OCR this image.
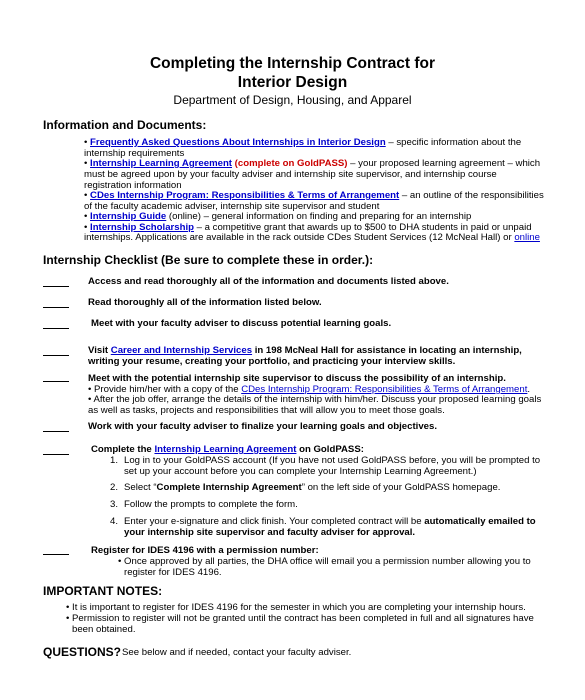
Completing the Internship Contract for
Interior Design
Department of Design, Housing, and Apparel
Information and Documents:
• Frequently Asked Questions About Internships in Interior Design – specific information about the
internship requirements
• Internship Learning Agreement (complete on GoldPASS) – your proposed learning agreement – which
must be agreed upon by your faculty adviser and internship site supervisor, and internship course
registration information
• CDes Internship Program: Responsibilities & Terms of Arrangement – an outline of the responsibilities
of the faculty academic adviser, internship site supervisor and student
• Internship Guide (online) – general information on finding and preparing for an internship
• Internship Scholarship – a competitive grant that awards up to $500 to DHA students in paid or unpaid
internships. Applications are available in the rack outside CDes Student Services (12 McNeal Hall) or online
Internship Checklist (Be sure to complete these in order.):
Access and read thoroughly all of the information and documents listed above.
Read thoroughly all of the information listed below.
Meet with your faculty adviser to discuss potential learning goals.
Visit Career and Internship Services in 198 McNeal Hall for assistance in locating an internship,
writing your resume, creating your portfolio, and practicing your interview skills.
Meet with the potential internship site supervisor to discuss the possibility of an internship.
• Provide him/her with a copy of the CDes Internship Program: Responsibilities & Terms of Arrangement.
• After the job offer, arrange the details of the internship with him/her. Discuss your proposed learning goals
as well as tasks, projects and responsibilities that will allow you to meet those goals.
Work with your faculty adviser to finalize your learning goals and objectives.
Complete the Internship Learning Agreement on GoldPASS:
1. Log in to your GoldPASS account (If you have not used GoldPASS before, you will be prompted to
set up your account before you can complete your Internship Learning Agreement.)
2. Select “Complete Internship Agreement” on the left side of your GoldPASS homepage.
3. Follow the prompts to complete the form.
4. Enter your e-signature and click finish. Your completed contract will be automatically emailed to
your internship site supervisor and faculty adviser for approval.
Register for IDES 4196 with a permission number:
• Once approved by all parties, the DHA office will email you a permission number allowing you to
register for IDES 4196.
IMPORTANT NOTES:
• It is important to register for IDES 4196 for the semester in which you are completing your internship hours.
• Permission to register will not be granted until the contract has been completed in full and all signatures have
been obtained.
QUESTIONS? See below and if needed, contact your faculty adviser.
